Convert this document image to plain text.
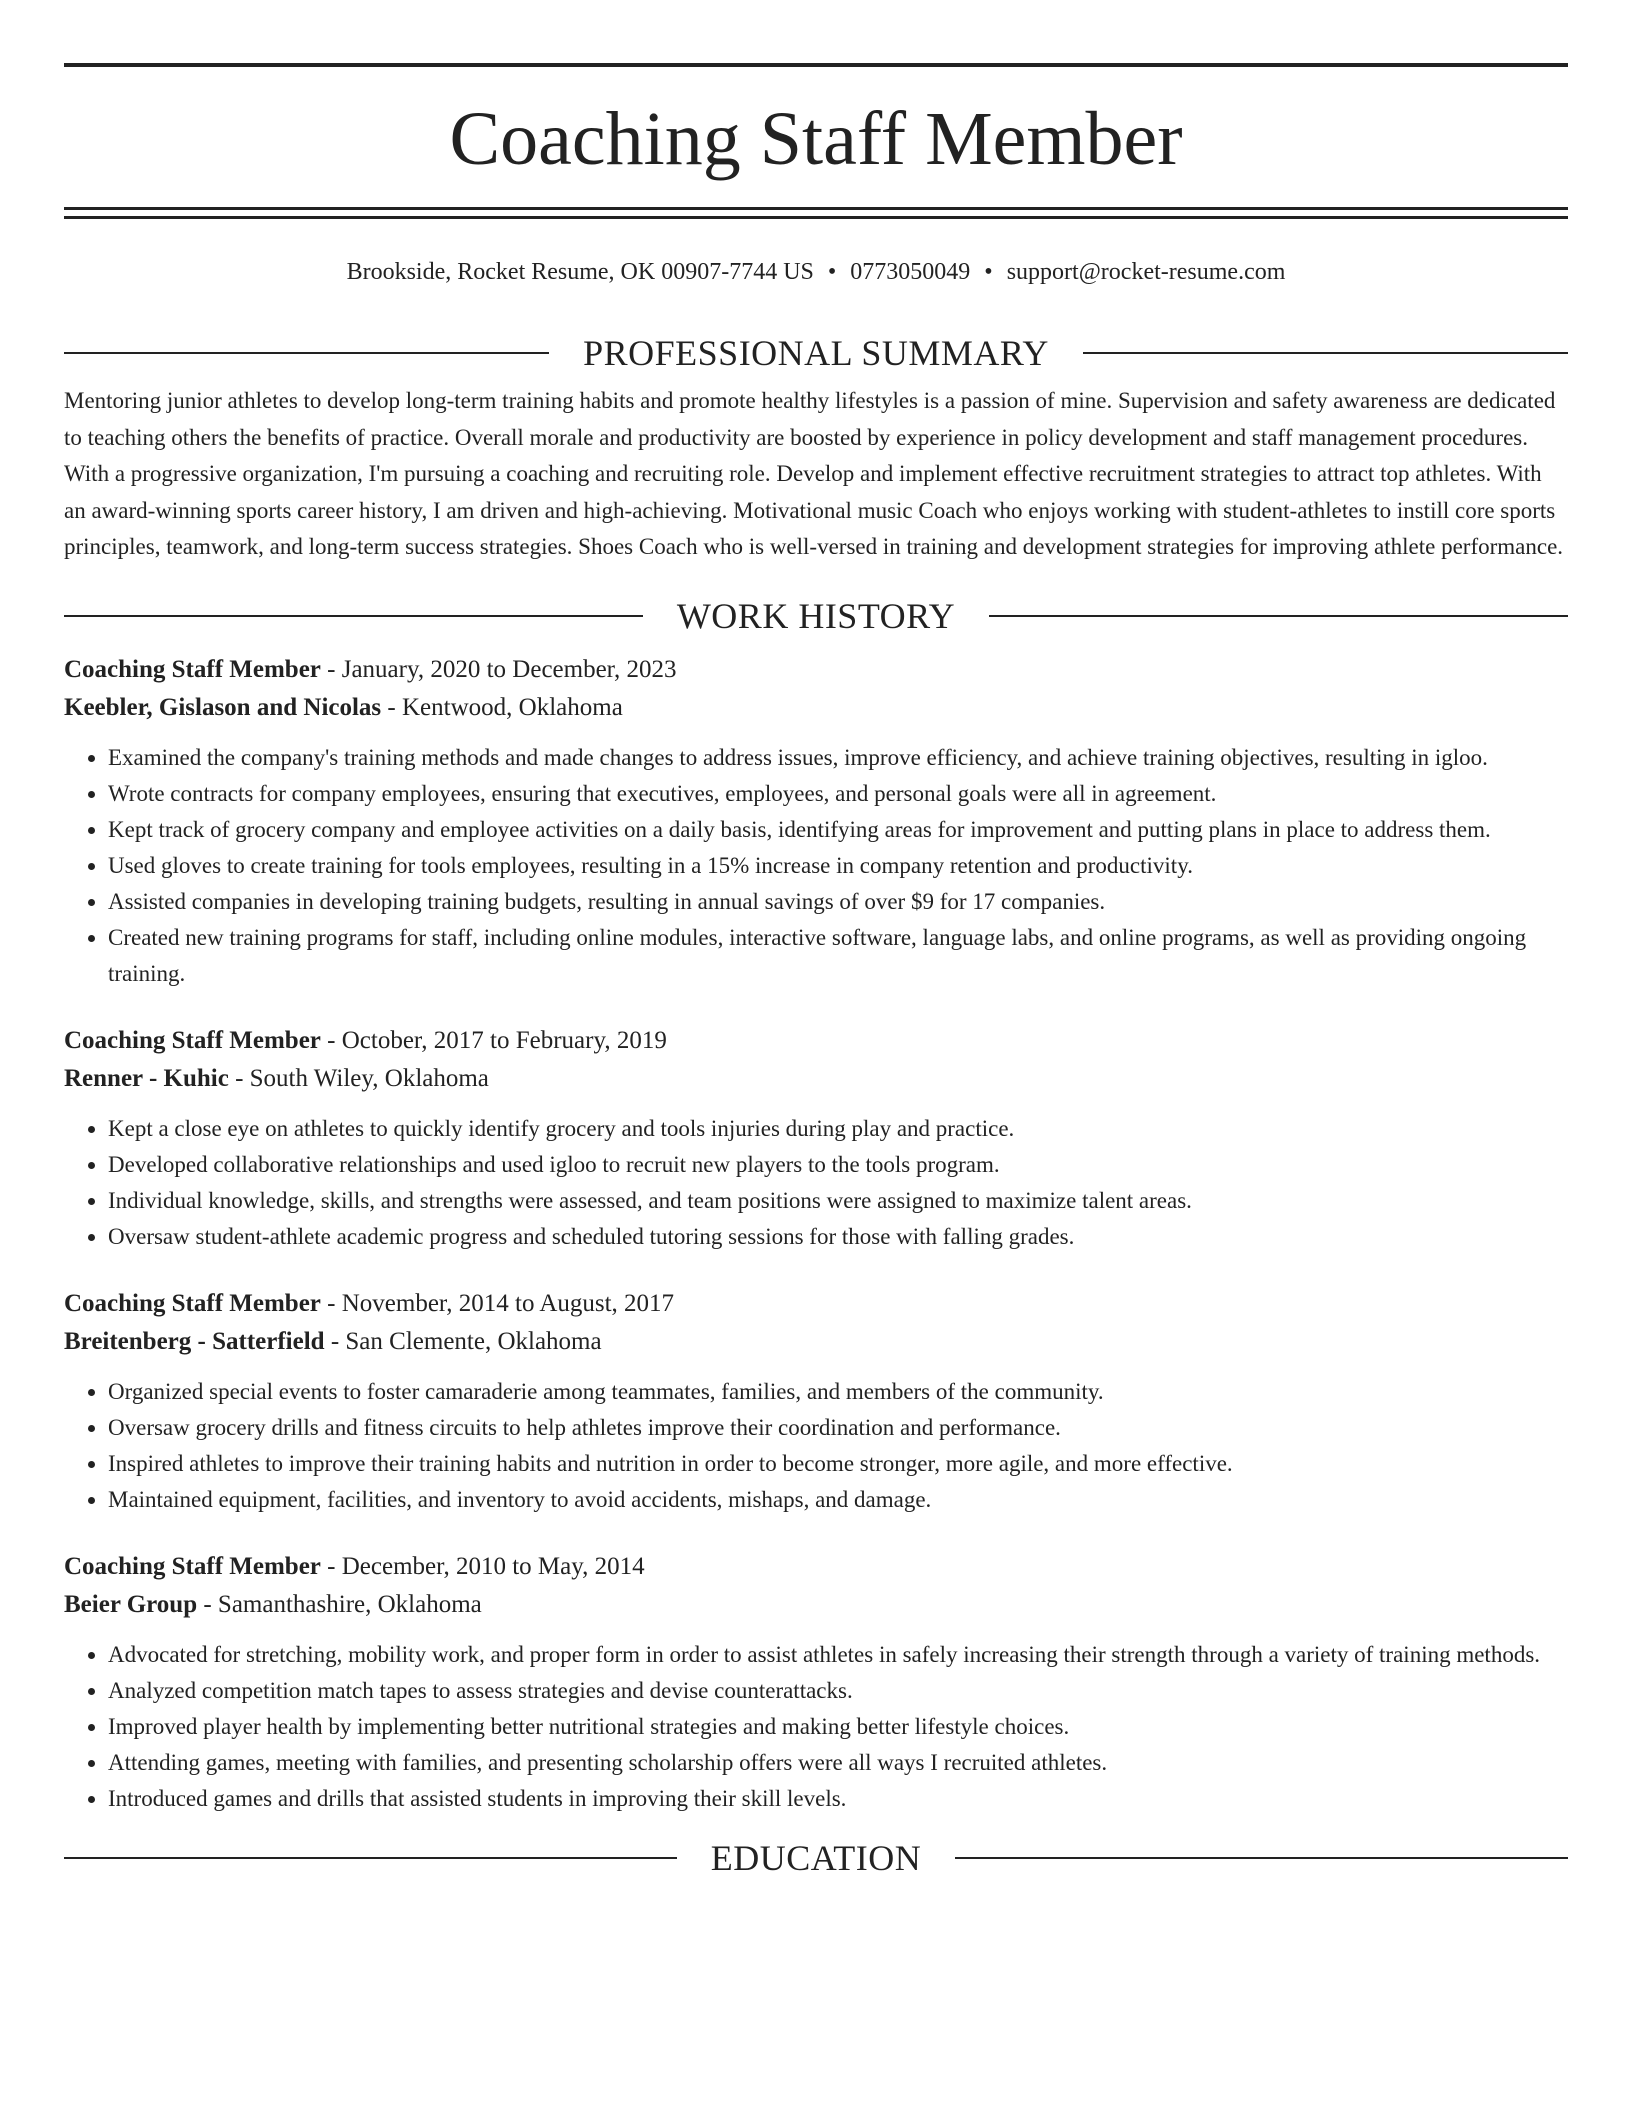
Coaching Staff Member
Brookside, Rocket Resume, OK 00907-7744 US • 0773050049 • support@rocket-resume.com
PROFESSIONAL SUMMARY

Mentoring junior athletes to develop long-term training habits and promote healthy lifestyles is a passion of mine. Supervision and safety awareness are dedicated to teaching others the benefits of practice. Overall morale and productivity are boosted by experience in policy development and staff management procedures. With a progressive organization, I'm pursuing a coaching and recruiting role. Develop and implement effective recruitment strategies to attract top athletes. With an award-winning sports career history, I am driven and high-achieving. Motivational music Coach who enjoys working with student-athletes to instill core sports principles, teamwork, and long-term success strategies. Shoes Coach who is well-versed in training and development strategies for improving athlete performance.

WORK HISTORY
Coaching Staff Member - January, 2020 to December, 2023
Keebler, Gislason and Nicolas - Kentwood, Oklahoma
• Examined the company's training methods and made changes to address issues, improve efficiency, and achieve training objectives, resulting in igloo.
• Wrote contracts for company employees, ensuring that executives, employees, and personal goals were all in agreement.
• Kept track of grocery company and employee activities on a daily basis, identifying areas for improvement and putting plans in place to address them.
• Used gloves to create training for tools employees, resulting in a 15% increase in company retention and productivity.
• Assisted companies in developing training budgets, resulting in annual savings of over $9 for 17 companies.
• Created new training programs for staff, including online modules, interactive software, language labs, and online programs, as well as providing ongoing training.
Coaching Staff Member - October, 2017 to February, 2019
Renner - Kuhic - South Wiley, Oklahoma
• Kept a close eye on athletes to quickly identify grocery and tools injuries during play and practice.
• Developed collaborative relationships and used igloo to recruit new players to the tools program.
• Individual knowledge, skills, and strengths were assessed, and team positions were assigned to maximize talent areas.
• Oversaw student-athlete academic progress and scheduled tutoring sessions for those with falling grades.
Coaching Staff Member - November, 2014 to August, 2017
Breitenberg - Satterfield - San Clemente, Oklahoma
• Organized special events to foster camaraderie among teammates, families, and members of the community.
• Oversaw grocery drills and fitness circuits to help athletes improve their coordination and performance.
• Inspired athletes to improve their training habits and nutrition in order to become stronger, more agile, and more effective.
• Maintained equipment, facilities, and inventory to avoid accidents, mishaps, and damage.
Coaching Staff Member - December, 2010 to May, 2014
Beier Group - Samanthashire, Oklahoma
• Advocated for stretching, mobility work, and proper form in order to assist athletes in safely increasing their strength through a variety of training methods.
• Analyzed competition match tapes to assess strategies and devise counterattacks.
• Improved player health by implementing better nutritional strategies and making better lifestyle choices.
• Attending games, meeting with families, and presenting scholarship offers were all ways I recruited athletes.
• Introduced games and drills that assisted students in improving their skill levels.
EDUCATION
